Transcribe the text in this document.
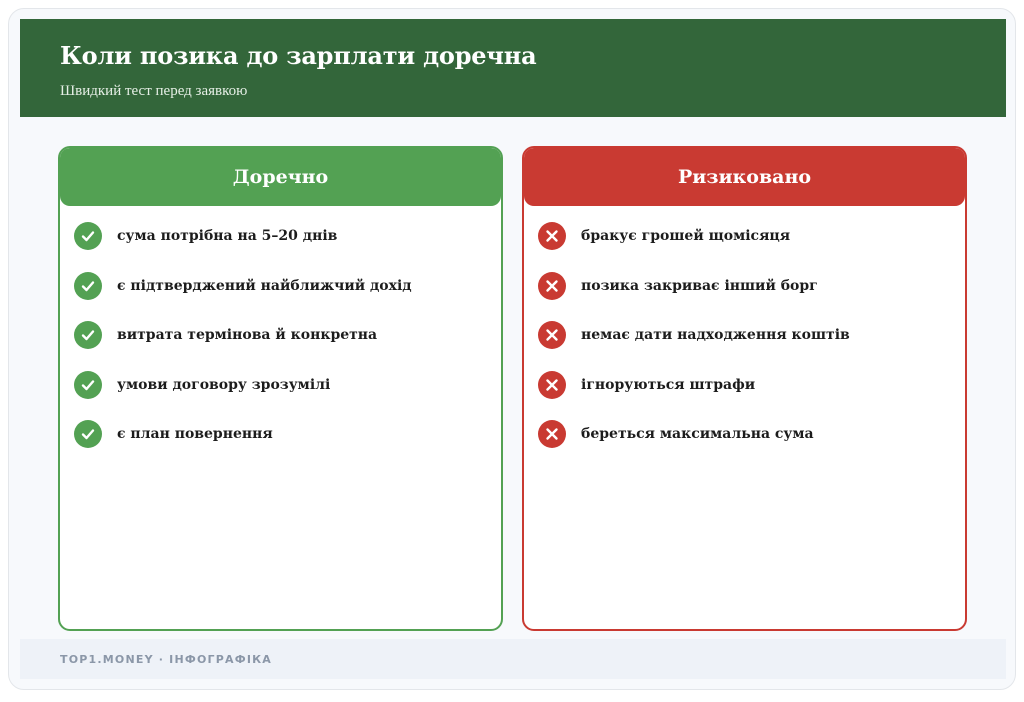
Коли позика до зарплати доречна

Швидкий тест перед заявкою

Доречно
сума потрібна на 5–20 днів
є підтверджений найближчий дохід
витрата термінова й конкретна
умови договору зрозумілі
є план повернення
Ризиковано
бракує грошей щомісяця
позика закриває інший борг
немає дати надходження коштів
ігноруються штрафи
береться максимальна сума
TOP1.MONEY · ІНФОГРАФІКА
